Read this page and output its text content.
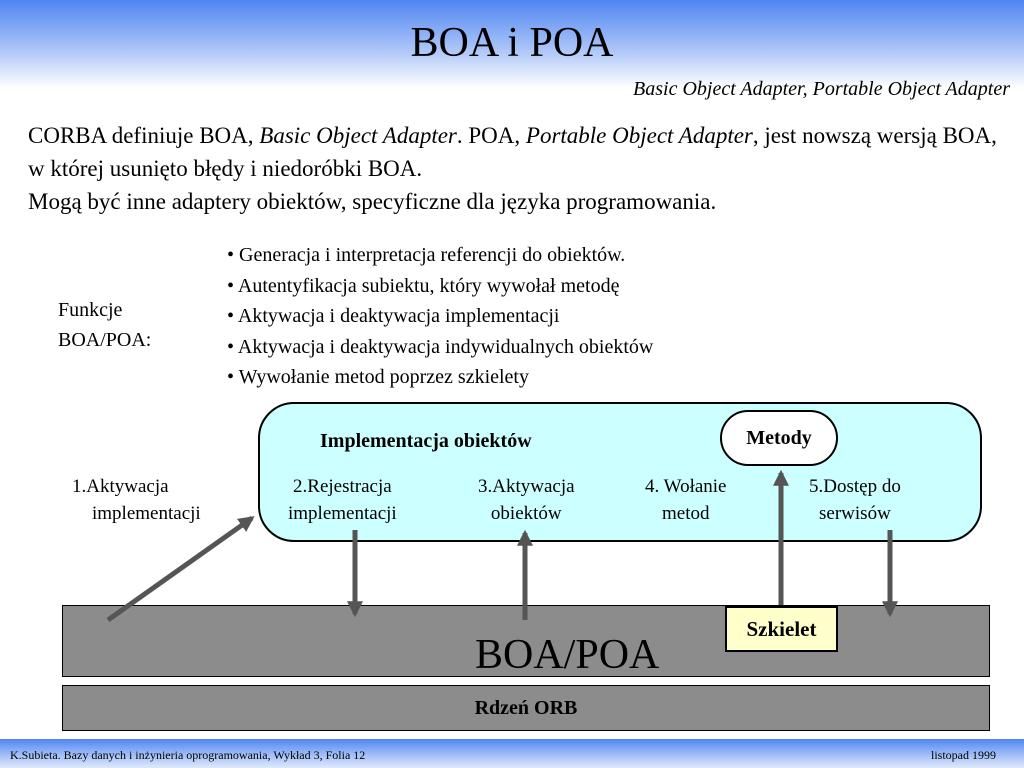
BOA i POA
Basic Object Adapter, Portable Object Adapter

CORBA definiuje BOA, Basic Object Adapter. POA, Portable Object Adapter, jest nowszą wersją BOA, w której usunięto błędy i niedoróbki BOA.

Mogą być inne adaptery obiektów, specyficzne dla języka programowania.

Funkcje
BOA/POA:
• Generacja i interpretacja referencji do obiektów.
• Autentyfikacja subiektu, który wywołał metodę
• Aktywacja i deaktywacja implementacji
• Aktywacja i deaktywacja indywidualnych obiektów
• Wywołanie metod poprzez szkielety
Implementacja obiektów	Metody
1.Aktywacja
implementacji
2.Rejestracja
implementacji
3.Aktywacja
obiektów
4. Wołanie
metod
5.Dostęp do
serwisów
BOA/POA
Szkielet
Rdzeń ORB
K.Subieta. Bazy danych i inżynieria oprogramowania, Wykład 3, Folia 12	listopad 1999
